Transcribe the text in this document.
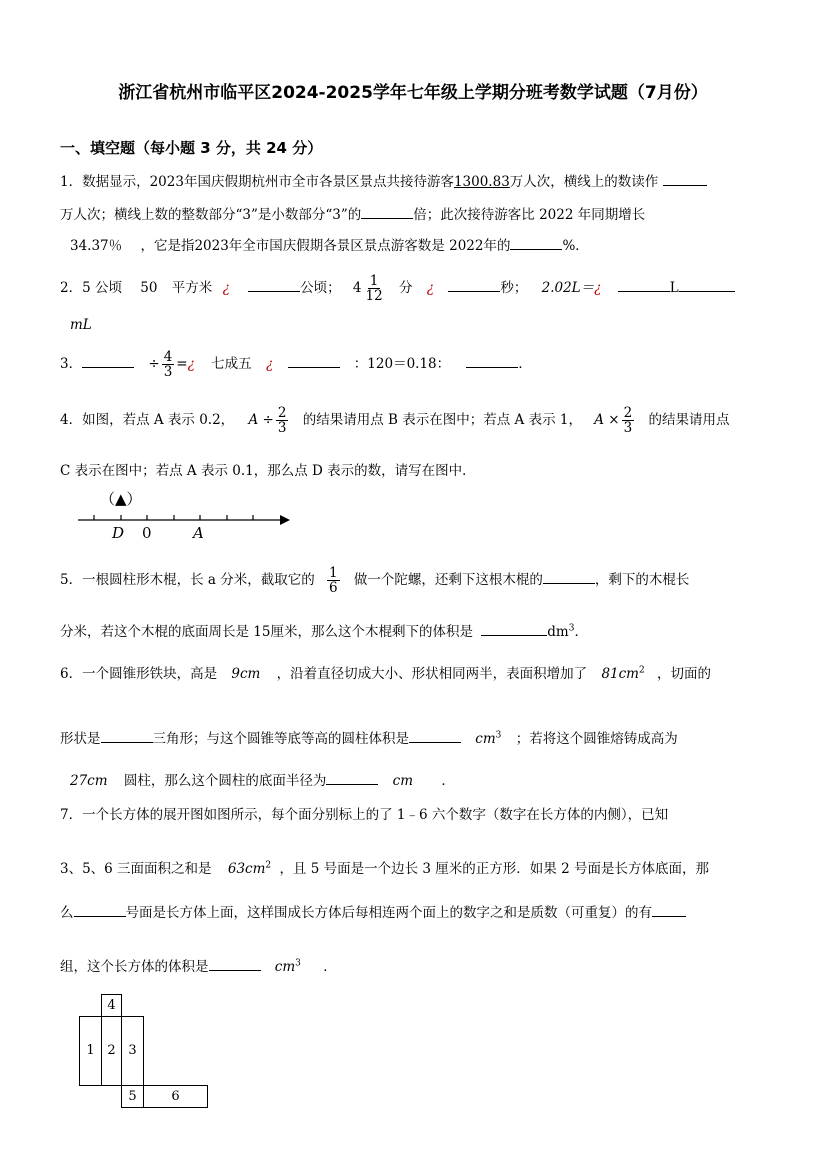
浙江省杭州市临平区2024-2025学年七年级上学期分班考数学试题（7月份）
一、填空题（每小题 3 分，共 24 分）
1．数据显示，2023年国庆假期杭州市全市各景区景点共接待游客1300.83万人次，横线上的数读作
万人次；横线上数的整数部分“3”是小数部分“3”的	倍；此次接待游客比 2022 年同期增长
34.37％ ，它是指2023年全市国庆假期各景区景点游客数是 2022年的	%．
2．5 公顷 50 平方米 ¿	公顷； $4 \frac{1}{12}$ 分 ¿	秒； 2.02L＝¿	L
mL
3．	÷ $\frac{4}{3}$ =¿ 七成五 ¿	：120＝0.18：	．
4．如图，若点 A 表示 0.2， $A \div \frac{2}{3}$ 的结果请用点 B 表示在图中；若点 A 表示 1， $A \times \frac{2}{3}$ 的结果请用点
C 表示在图中；若点 A 表示 0.1，那么点 D 表示的数，请写在图中．
（▲）
D 0	A
5．一根圆柱形木棍，长 a 分米，截取它的 $\frac{1}{6}$ 做一个陀螺，还剩下这根木棍的	，剩下的木棍长
分米，若这个木棍的底面周长是 15厘米，那么这个木棍剩下的体积是	$dm^3$．
6．一个圆锥形铁块，高是 9cm ，沿着直径切成大小、形状相同两半，表面积增加了 $81cm^2$ ，切面的
形状是	三角形；与这个圆锥等底等高的圆柱体积是	$cm^3$ ；若将这个圆锥熔铸成高为
27cm 圆柱，那么这个圆柱的底面半径为	cm ．
7．一个长方体的展开图如图所示，每个面分别标上的了 1﹣6 六个数字（数字在长方体的内侧），已知
3、5、6 三面面积之和是 $63cm^2$ ，且 5 号面是一个边长 3 厘米的正方形．如果 2 号面是长方体底面，那
么	号面是长方体上面，这样围成长方体后每相连两个面上的数字之和是质数（可重复）的有
组，这个长方体的体积是	$cm^3$ ．
4
1 2 3
5	6
